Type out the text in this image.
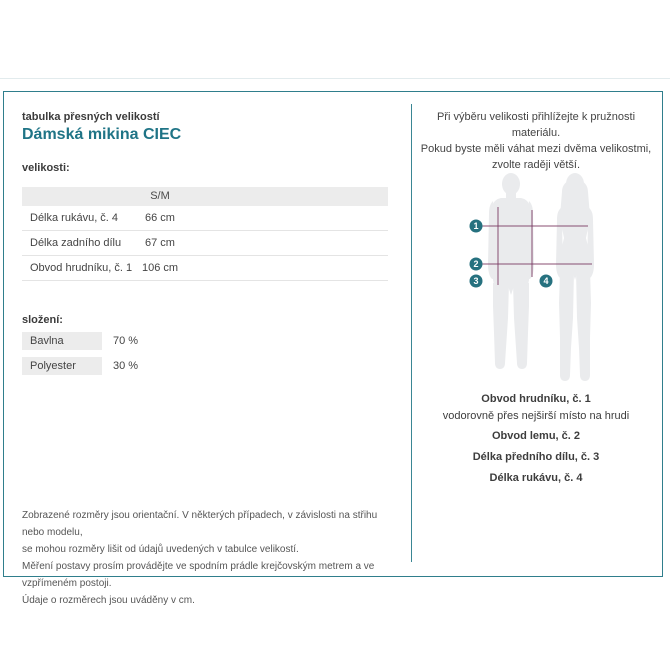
tabulka přesných velikostí
Dámská mikina CIEC
velikosti:
S/M
Délka rukávu, č. 4	66 cm
Délka zadního dílu	67 cm
Obvod hrudníku, č. 1 106 cm
složení:
Bavlna	70 %
Polyester	30 %
Zobrazené rozměry jsou orientační. V některých případech, v závislosti na střihu nebo modelu,
se mohou rozměry lišit od údajů uvedených v tabulce velikostí.
Měření postavy prosím provádějte ve spodním prádle krejčovským metrem a ve vzpřímeném postoji.
Údaje o rozměrech jsou uváděny v cm.
Při výběru velikosti přihlížejte k pružnosti materiálu.
Pokud byste měli váhat mezi dvěma velikostmi,
zvolte raději větší.
1
2
3	4
Obvod hrudníku, č. 1
vodorovně přes nejširší místo na hrudi
Obvod lemu, č. 2
Délka předního dílu, č. 3
Délka rukávu, č. 4
